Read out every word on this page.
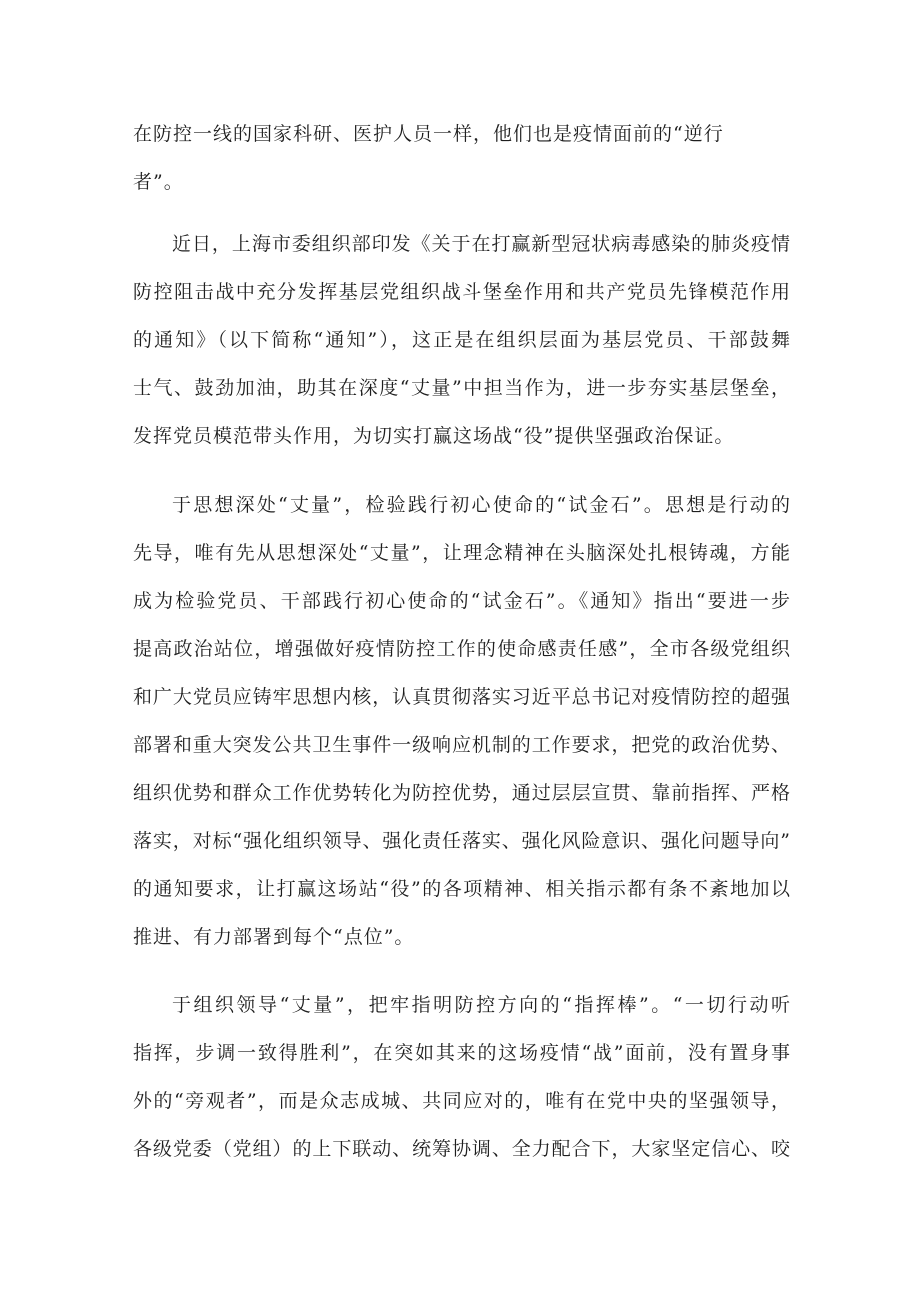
在防控一线的国家科研、医护人员一样，他们也是疫情面前的“逆行
者”。
近日，上海市委组织部印发《关于在打赢新型冠状病毒感染的肺炎疫情
防控阻击战中充分发挥基层党组织战斗堡垒作用和共产党员先锋模范作用
的通知》（以下简称“通知”），这正是在组织层面为基层党员、干部鼓舞
士气、鼓劲加油，助其在深度“丈量”中担当作为，进一步夯实基层堡垒，
发挥党员模范带头作用，为切实打赢这场战“役”提供坚强政治保证。
于思想深处“丈量”，检验践行初心使命的“试金石”。思想是行动的
先导，唯有先从思想深处“丈量”，让理念精神在头脑深处扎根铸魂，方能
成为检验党员、干部践行初心使命的“试金石”。《通知》指出“要进一步
提高政治站位，增强做好疫情防控工作的使命感责任感”，全市各级党组织
和广大党员应铸牢思想内核，认真贯彻落实习近平总书记对疫情防控的超强
部署和重大突发公共卫生事件一级响应机制的工作要求，把党的政治优势、
组织优势和群众工作优势转化为防控优势，通过层层宣贯、靠前指挥、严格
落实，对标“强化组织领导、强化责任落实、强化风险意识、强化问题导向”
的通知要求，让打赢这场站“役”的各项精神、相关指示都有条不紊地加以
推进、有力部署到每个“点位”。
于组织领导“丈量”，把牢指明防控方向的“指挥棒”。“一切行动听
指挥，步调一致得胜利”，在突如其来的这场疫情“战”面前，没有置身事
外的“旁观者”，而是众志成城、共同应对的，唯有在党中央的坚强领导，
各级党委（党组）的上下联动、统筹协调、全力配合下，大家坚定信心、咬
